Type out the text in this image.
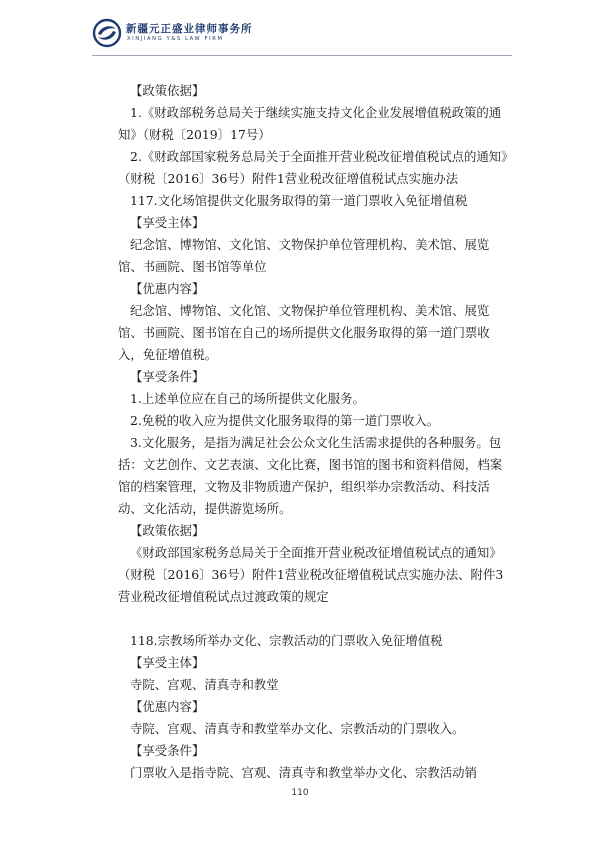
新疆元正盛业律师事务所
XINJIANG Y&S LAW FIRM

【政策依据】

1.《财政部税务总局关于继续实施支持文化企业发展增值税政策的通知》（财税〔2019〕17号）

2.《财政部国家税务总局关于全面推开营业税改征增值税试点的通知》（财税〔2016〕36号）附件1营业税改征增值税试点实施办法

117.文化场馆提供文化服务取得的第一道门票收入免征增值税

【享受主体】

纪念馆、博物馆、文化馆、文物保护单位管理机构、美术馆、展览馆、书画院、图书馆等单位

【优惠内容】

纪念馆、博物馆、文化馆、文物保护单位管理机构、美术馆、展览馆、书画院、图书馆在自己的场所提供文化服务取得的第一道门票收入，免征增值税。

【享受条件】

1.上述单位应在自己的场所提供文化服务。

2.免税的收入应为提供文化服务取得的第一道门票收入。

3.文化服务，是指为满足社会公众文化生活需求提供的各种服务。包括：文艺创作、文艺表演、文化比赛，图书馆的图书和资料借阅，档案馆的档案管理，文物及非物质遗产保护，组织举办宗教活动、科技活动、文化活动，提供游览场所。

【政策依据】

《财政部国家税务总局关于全面推开营业税改征增值税试点的通知》（财税〔2016〕36号）附件1营业税改征增值税试点实施办法、附件3营业税改征增值税试点过渡政策的规定

118.宗教场所举办文化、宗教活动的门票收入免征增值税

【享受主体】

寺院、宫观、清真寺和教堂

【优惠内容】

寺院、宫观、清真寺和教堂举办文化、宗教活动的门票收入。

【享受条件】

门票收入是指寺院、宫观、清真寺和教堂举办文化、宗教活动销

110
